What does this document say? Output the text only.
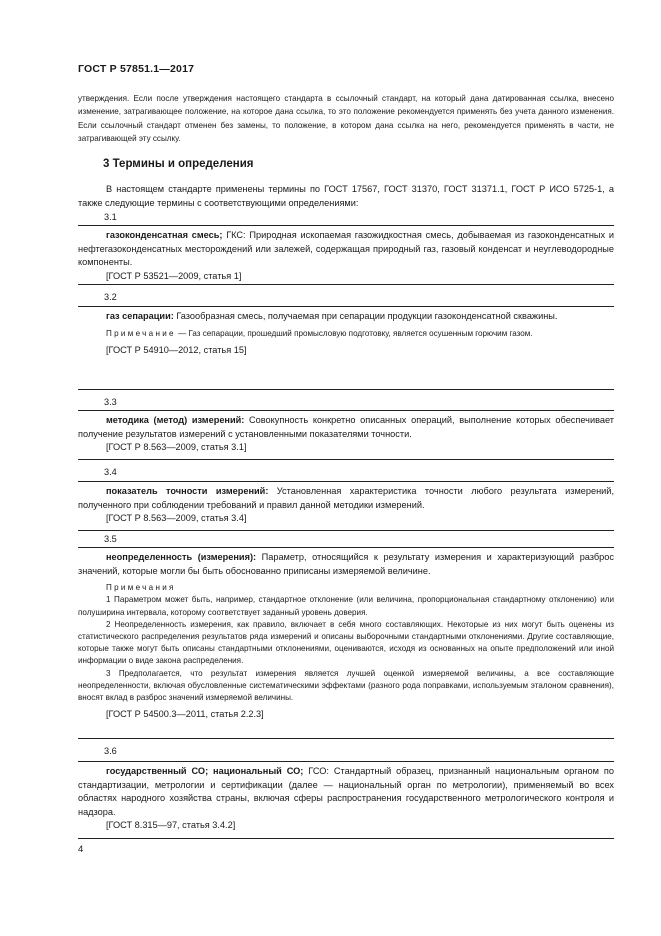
ГОСТ Р 57851.1—2017

утверждения. Если после утверждения настоящего стандарта в ссылочный стандарт, на который дана датированная ссылка, внесено изменение, затрагивающее положение, на которое дана ссылка, то это положение рекомендуется применять без учета данного изменения. Если ссылочный стандарт отменен без замены, то положение, в котором дана ссылка на него, рекомендуется применять в части, не затрагивающей эту ссылку.

3 Термины и определения

В настоящем стандарте применены термины по ГОСТ 17567, ГОСТ 31370, ГОСТ 31371.1, ГОСТ Р ИСО 5725-1, а также следующие термины с соответствующими определениями:

3.1

газоконденсатная смесь; ГКС: Природная ископаемая газожидкостная смесь, добываемая из газоконденсатных и нефтегазоконденсатных месторождений или залежей, содержащая природный газ, газовый конденсат и неуглеводородные компоненты.

[ГОСТ Р 53521—2009, статья 1]

3.2

газ сепарации: Газообразная смесь, получаемая при сепарации продукции газоконденсатной скважины.

Примечание — Газ сепарации, прошедший промысловую подготовку, является осушенным горючим газом.

[ГОСТ Р 54910—2012, статья 15]

3.3

методика (метод) измерений: Совокупность конкретно описанных операций, выполнение которых обеспечивает получение результатов измерений с установленными показателями точности.

[ГОСТ Р 8.563—2009, статья 3.1]

3.4

показатель точности измерений: Установленная характеристика точности любого результата измерений, полученного при соблюдении требований и правил данной методики измерений.

[ГОСТ Р 8.563—2009, статья 3.4]

3.5

неопределенность (измерения): Параметр, относящийся к результату измерения и характеризующий разброс значений, которые могли бы быть обоснованно приписаны измеряемой величине.

Примечания

1 Параметром может быть, например, стандартное отклонение (или величина, пропорциональная стандартному отклонению) или полуширина интервала, которому соответствует заданный уровень доверия.

2 Неопределенность измерения, как правило, включает в себя много составляющих. Некоторые из них могут быть оценены из статистического распределения результатов ряда измерений и описаны выборочными стандартными отклонениями. Другие составляющие, которые также могут быть описаны стандартными отклонениями, оцениваются, исходя из основанных на опыте предположений или иной информации о виде закона распределения.

3 Предполагается, что результат измерения является лучшей оценкой измеряемой величины, а все составляющие неопределенности, включая обусловленные систематическими эффектами (разного рода поправками, используемым эталоном сравнения), вносят вклад в разброс значений измеряемой величины.

[ГОСТ Р 54500.3—2011, статья 2.2.3]

3.6

государственный СО; национальный СО; ГСО: Стандартный образец, признанный национальным органом по стандартизации, метрологии и сертификации (далее — национальный орган по метрологии), применяемый во всех областях народного хозяйства страны, включая сферы распространения государственного метрологического контроля и надзора.

[ГОСТ 8.315—97, статья 3.4.2]

4
